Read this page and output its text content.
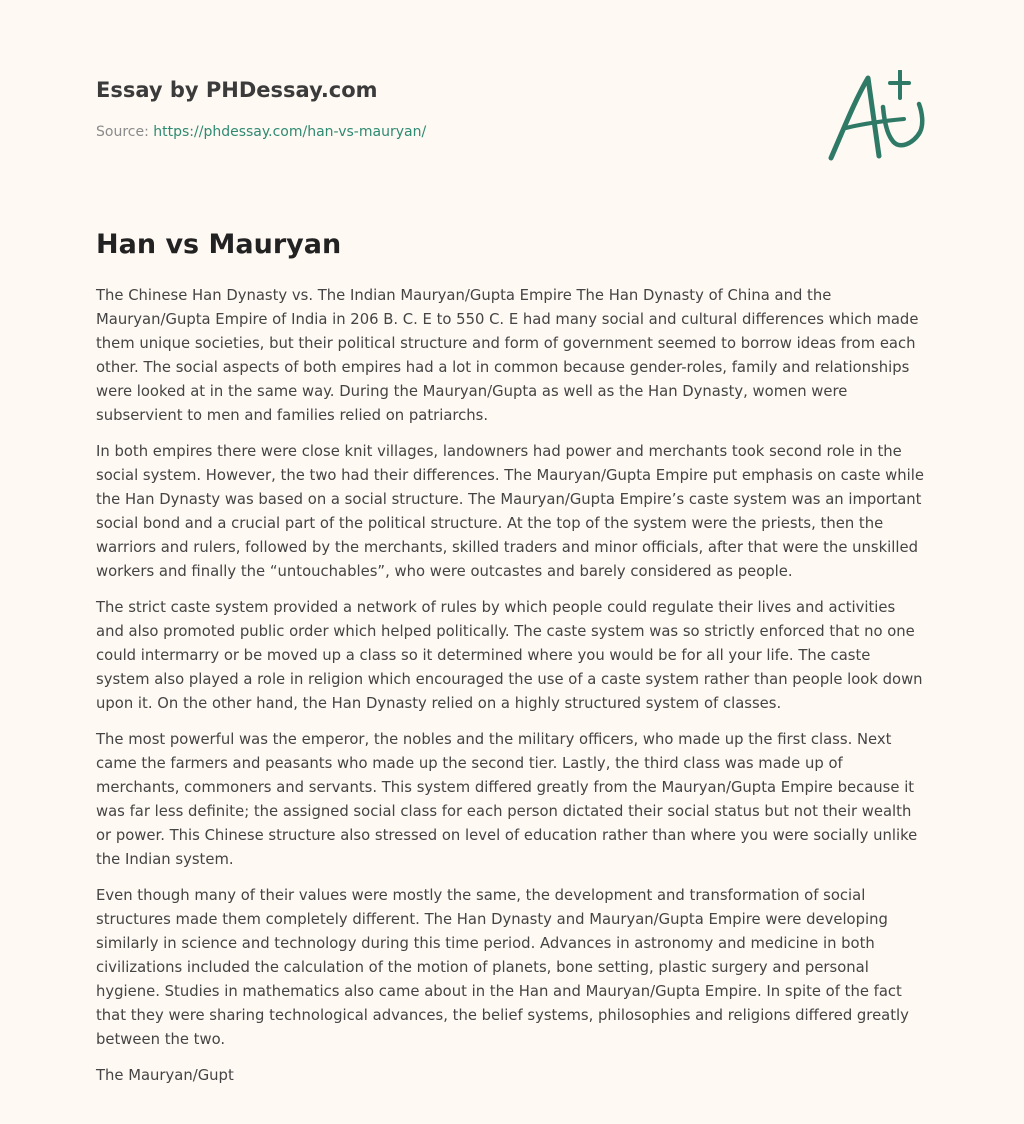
Essay by PHDessay.com
Source: https://phdessay.com/han-vs-mauryan/
Han vs Mauryan

The Chinese Han Dynasty vs. The Indian Mauryan/Gupta Empire The Han Dynasty of China and the Mauryan/Gupta Empire of India in 206 B. C. E to 550 C. E had many social and cultural differences which made them unique societies, but their political structure and form of government seemed to borrow ideas from each other. The social aspects of both empires had a lot in common because gender-roles, family and relationships were looked at in the same way. During the Mauryan/Gupta as well as the Han Dynasty, women were subservient to men and families relied on patriarchs.

In both empires there were close knit villages, landowners had power and merchants took second role in the social system. However, the two had their differences. The Mauryan/Gupta Empire put emphasis on caste while the Han Dynasty was based on a social structure. The Mauryan/Gupta Empire’s caste system was an important social bond and a crucial part of the political structure. At the top of the system were the priests, then the warriors and rulers, followed by the merchants, skilled traders and minor officials, after that were the unskilled workers and finally the “untouchables”, who were outcastes and barely considered as people.

The strict caste system provided a network of rules by which people could regulate their lives and activities and also promoted public order which helped politically. The caste system was so strictly enforced that no one could intermarry or be moved up a class so it determined where you would be for all your life. The caste system also played a role in religion which encouraged the use of a caste system rather than people look down upon it. On the other hand, the Han Dynasty relied on a highly structured system of classes.

The most powerful was the emperor, the nobles and the military officers, who made up the first class. Next came the farmers and peasants who made up the second tier. Lastly, the third class was made up of merchants, commoners and servants. This system differed greatly from the Mauryan/Gupta Empire because it was far less definite; the assigned social class for each person dictated their social status but not their wealth or power. This Chinese structure also stressed on level of education rather than where you were socially unlike the Indian system.

Even though many of their values were mostly the same, the development and transformation of social structures made them completely different. The Han Dynasty and Mauryan/Gupta Empire were developing similarly in science and technology during this time period. Advances in astronomy and medicine in both civilizations included the calculation of the motion of planets, bone setting, plastic surgery and personal hygiene. Studies in mathematics also came about in the Han and Mauryan/Gupta Empire. In spite of the fact that they were sharing technological advances, the belief systems, philosophies and religions differed greatly between the two.

The Mauryan/Gupt
